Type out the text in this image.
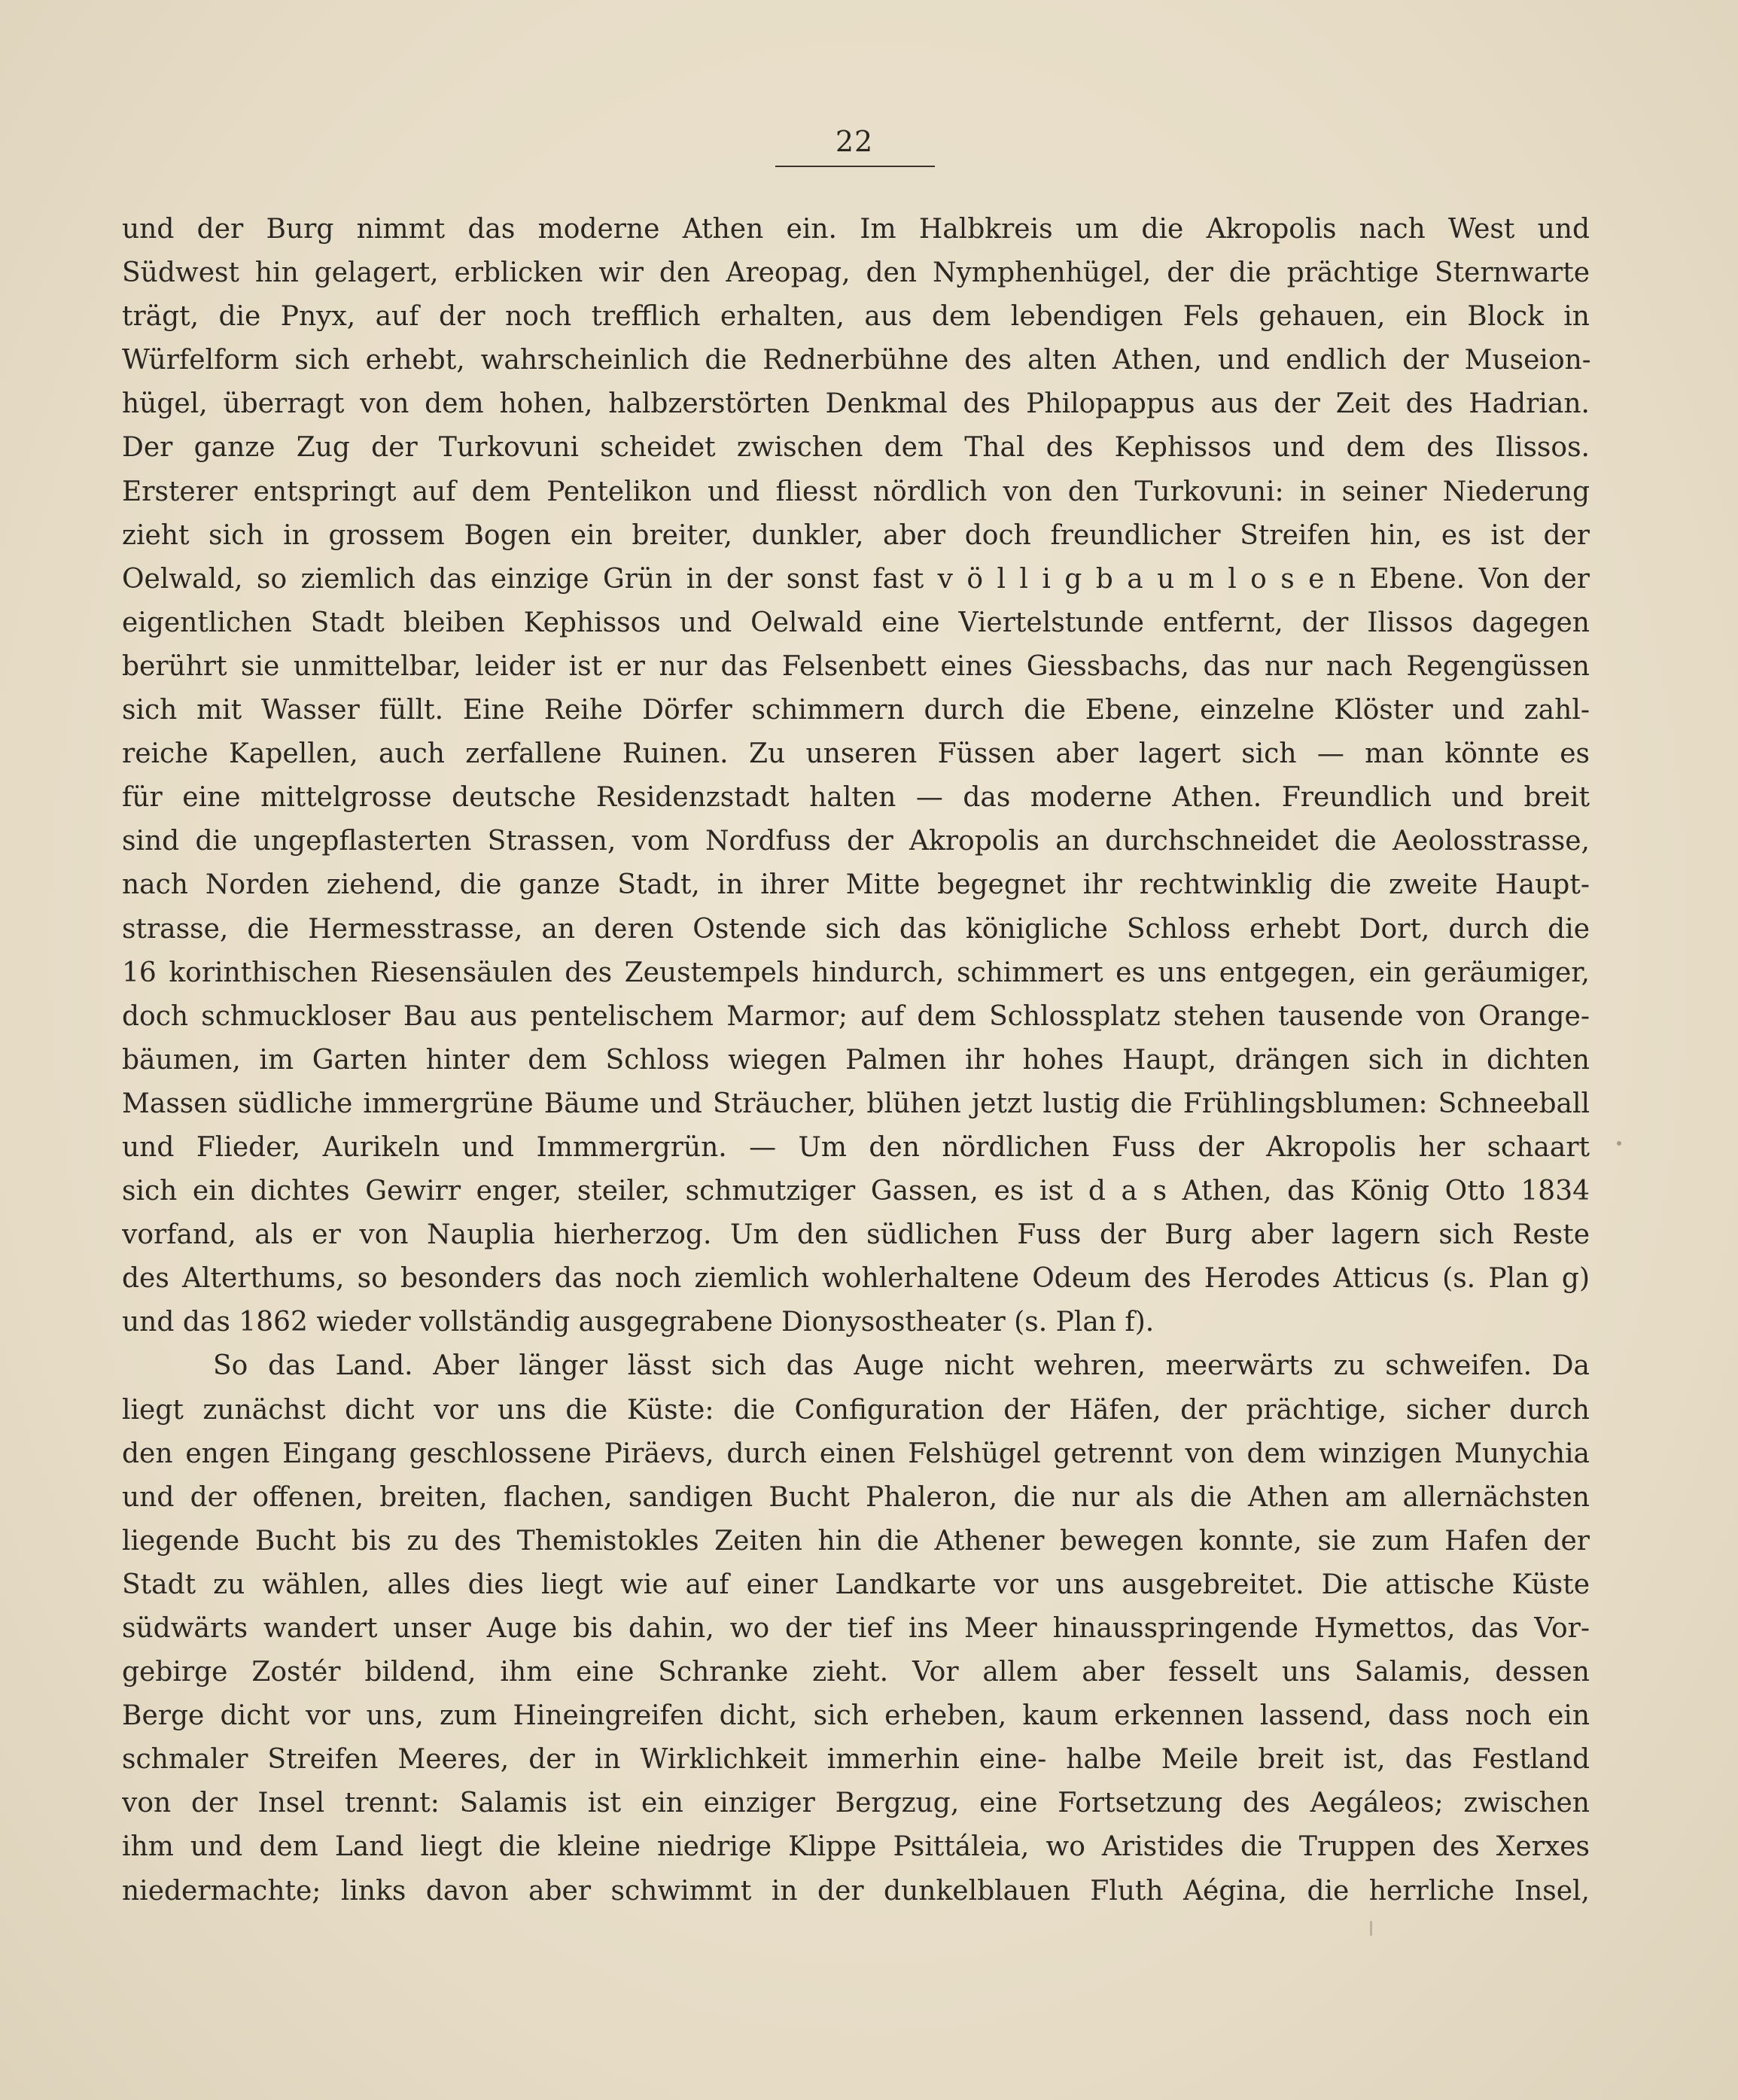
22
und der Burg nimmt das moderne Athen ein. Im Halbkreis um die Akropolis nach West und
Südwest hin gelagert, erblicken wir den Areopag, den Nymphenhügel, der die prächtige Sternwarte
trägt, die Pnyx, auf der noch trefflich erhalten, aus dem lebendigen Fels gehauen, ein Block in
Würfelform sich erhebt, wahrscheinlich die Rednerbühne des alten Athen, und endlich der Museion-
hügel, überragt von dem hohen, halbzerstörten Denkmal des Philopappus aus der Zeit des Hadrian.
Der ganze Zug der Turkovuni scheidet zwischen dem Thal des Kephissos und dem des Ilissos.
Ersterer entspringt auf dem Pentelikon und fliesst nördlich von den Turkovuni: in seiner Niederung
zieht sich in grossem Bogen ein breiter, dunkler, aber doch freundlicher Streifen hin, es ist der
Oelwald, so ziemlich das einzige Grün in der sonst fast v ö l l i g b a u m l o s e n Ebene. Von der
eigentlichen Stadt bleiben Kephissos und Oelwald eine Viertelstunde entfernt, der Ilissos dagegen
berührt sie unmittelbar, leider ist er nur das Felsenbett eines Giessbachs, das nur nach Regengüssen
sich mit Wasser füllt. Eine Reihe Dörfer schimmern durch die Ebene, einzelne Klöster und zahl-
reiche Kapellen, auch zerfallene Ruinen. Zu unseren Füssen aber lagert sich — man könnte es
für eine mittelgrosse deutsche Residenzstadt halten — das moderne Athen. Freundlich und breit
sind die ungepflasterten Strassen, vom Nordfuss der Akropolis an durchschneidet die Aeolosstrasse,
nach Norden ziehend, die ganze Stadt, in ihrer Mitte begegnet ihr rechtwinklig die zweite Haupt-
strasse, die Hermesstrasse, an deren Ostende sich das königliche Schloss erhebt Dort, durch die
16 korinthischen Riesensäulen des Zeustempels hindurch, schimmert es uns entgegen, ein geräumiger,
doch schmuckloser Bau aus pentelischem Marmor; auf dem Schlossplatz stehen tausende von Orange-
bäumen, im Garten hinter dem Schloss wiegen Palmen ihr hohes Haupt, drängen sich in dichten
Massen südliche immergrüne Bäume und Sträucher, blühen jetzt lustig die Frühlingsblumen: Schneeball
und Flieder, Aurikeln und Immmergrün. — Um den nördlichen Fuss der Akropolis her schaart
sich ein dichtes Gewirr enger, steiler, schmutziger Gassen, es ist d a s Athen, das König Otto 1834
vorfand, als er von Nauplia hierherzog. Um den südlichen Fuss der Burg aber lagern sich Reste
des Alterthums, so besonders das noch ziemlich wohlerhaltene Odeum des Herodes Atticus (s. Plan g)
und das 1862 wieder vollständig ausgegrabene Dionysostheater (s. Plan f).
So das Land. Aber länger lässt sich das Auge nicht wehren, meerwärts zu schweifen. Da
liegt zunächst dicht vor uns die Küste: die Configuration der Häfen, der prächtige, sicher durch
den engen Eingang geschlossene Piräevs, durch einen Felshügel getrennt von dem winzigen Munychia
und der offenen, breiten, flachen, sandigen Bucht Phaleron, die nur als die Athen am allernächsten
liegende Bucht bis zu des Themistokles Zeiten hin die Athener bewegen konnte, sie zum Hafen der
Stadt zu wählen, alles dies liegt wie auf einer Landkarte vor uns ausgebreitet. Die attische Küste
südwärts wandert unser Auge bis dahin, wo der tief ins Meer hinausspringende Hymettos, das Vor-
gebirge Zostér bildend, ihm eine Schranke zieht. Vor allem aber fesselt uns Salamis, dessen
Berge dicht vor uns, zum Hineingreifen dicht, sich erheben, kaum erkennen lassend, dass noch ein
schmaler Streifen Meeres, der in Wirklichkeit immerhin eine- halbe Meile breit ist, das Festland
von der Insel trennt: Salamis ist ein einziger Bergzug, eine Fortsetzung des Aegáleos; zwischen
ihm und dem Land liegt die kleine niedrige Klippe Psittáleia, wo Aristides die Truppen des Xerxes
niedermachte; links davon aber schwimmt in der dunkelblauen Fluth Aégina, die herrliche Insel,
